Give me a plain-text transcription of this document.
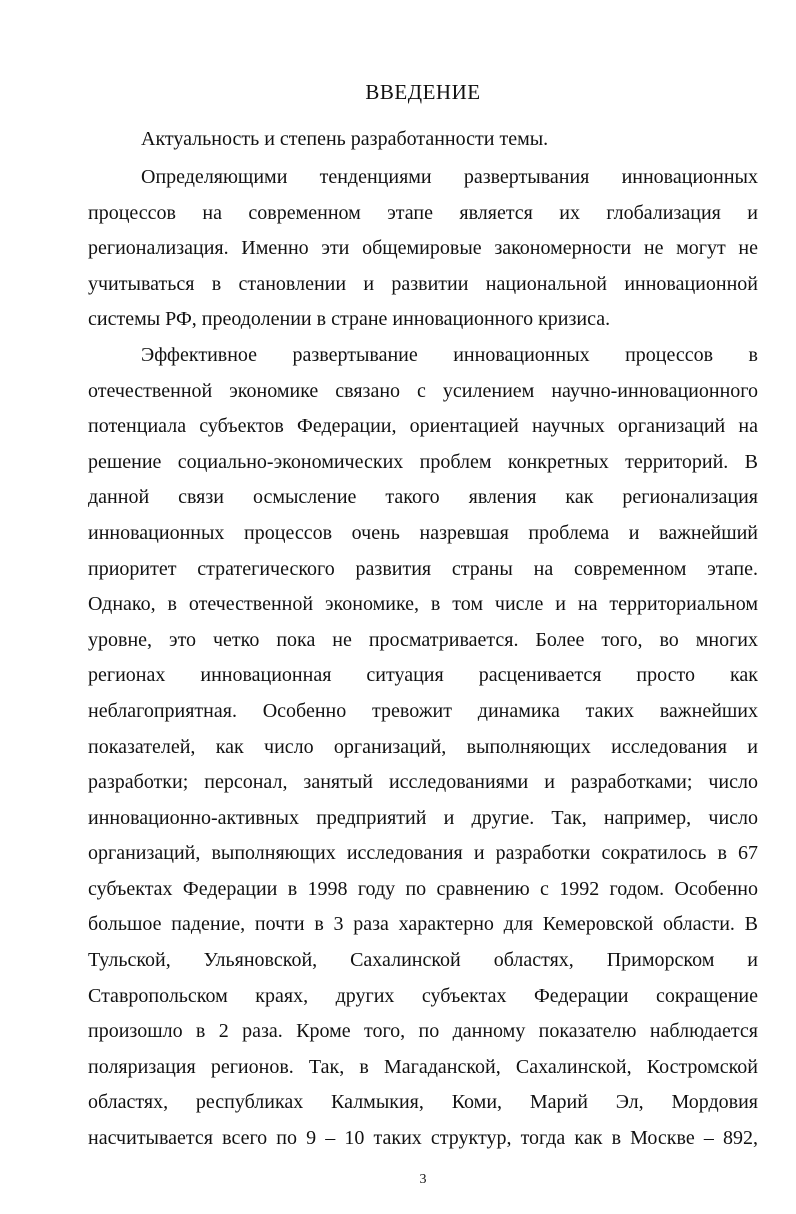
ВВЕДЕНИЕ
Актуальность и степень разработанности темы.
Определяющими тенденциями развертывания инновационных
процессов на современном этапе является их глобализация и
регионализация. Именно эти общемировые закономерности не могут не
учитываться в становлении и развитии национальной инновационной
системы РФ, преодолении в стране инновационного кризиса.
Эффективное развертывание инновационных процессов в
отечественной экономике связано с усилением научно-инновационного
потенциала субъектов Федерации, ориентацией научных организаций на
решение социально-экономических проблем конкретных территорий. В
данной связи осмысление такого явления как регионализация
инновационных процессов очень назревшая проблема и важнейший
приоритет стратегического развития страны на современном этапе.
Однако, в отечественной экономике, в том числе и на территориальном
уровне, это четко пока не просматривается. Более того, во многих
регионах инновационная ситуация расценивается просто как
неблагоприятная. Особенно тревожит динамика таких важнейших
показателей, как число организаций, выполняющих исследования и
разработки; персонал, занятый исследованиями и разработками; число
инновационно-активных предприятий и другие. Так, например, число
организаций, выполняющих исследования и разработки сократилось в 67
субъектах Федерации в 1998 году по сравнению с 1992 годом. Особенно
большое падение, почти в 3 раза характерно для Кемеровской области. В
Тульской, Ульяновской, Сахалинской областях, Приморском и
Ставропольском краях, других субъектах Федерации сокращение
произошло в 2 раза. Кроме того, по данному показателю наблюдается
поляризация регионов. Так, в Магаданской, Сахалинской, Костромской
областях, республиках Калмыкия, Коми, Марий Эл, Мордовия
насчитывается всего по 9 – 10 таких структур, тогда как в Москве – 892,
3
